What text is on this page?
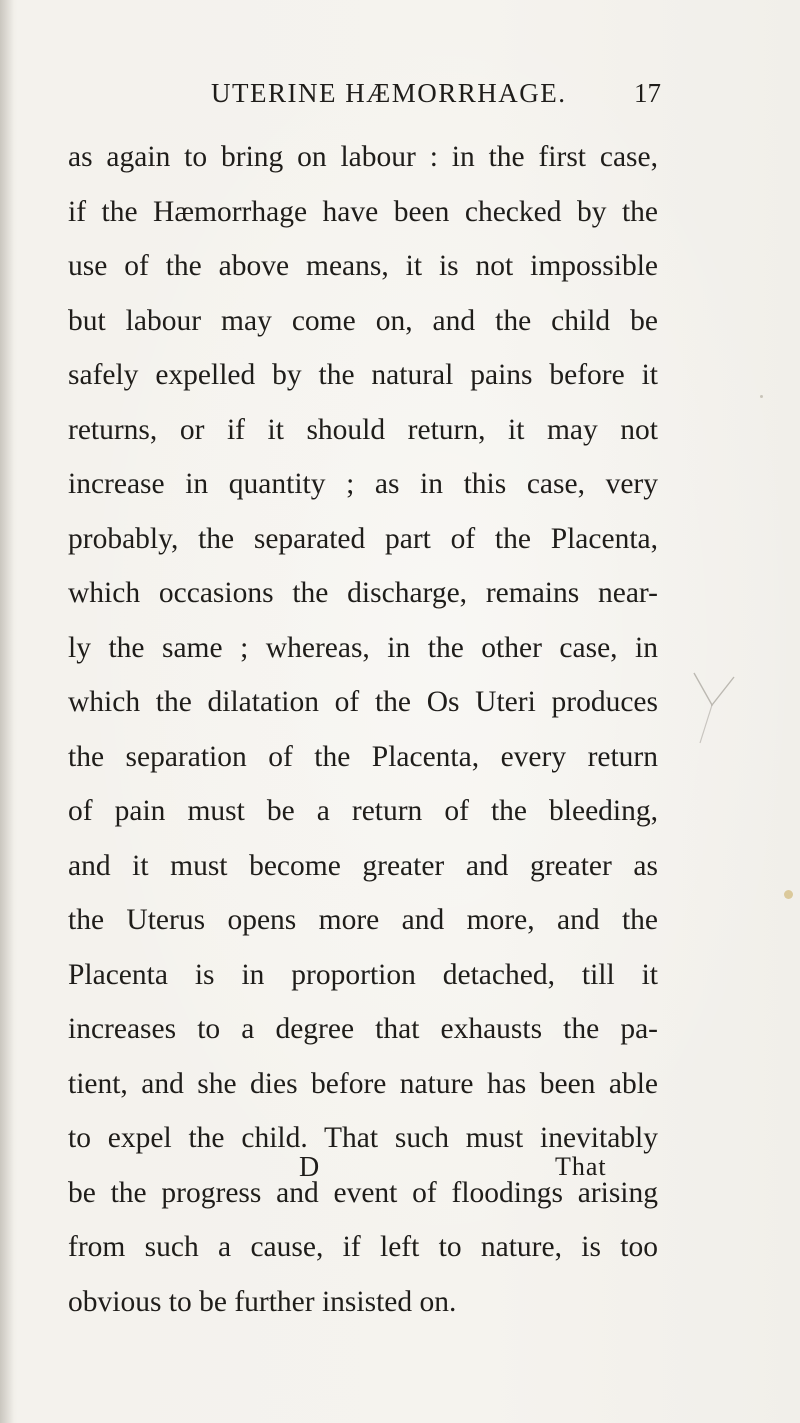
UTERINE HÆMORRHAGE.	17
as again to bring on labour : in the first case,
if the Hæmorrhage have been checked by the
use of the above means, it is not impossible
but labour may come on, and the child be
safely expelled by the natural pains before it
returns, or if it should return, it may not
increase in quantity ; as in this case, very
probably, the separated part of the Placenta,
which occasions the discharge, remains near-
ly the same ; whereas, in the other case, in
which the dilatation of the Os Uteri produces
the separation of the Placenta, every return
of pain must be a return of the bleeding,
and it must become greater and greater as
the Uterus opens more and more, and the
Placenta is in proportion detached, till it
increases to a degree that exhausts the pa-
tient, and she dies before nature has been able
to expel the child. That such must inevitably
be the progress and event of floodings arising
from such a cause, if left to nature, is too
obvious to be further insisted on.
D	That
